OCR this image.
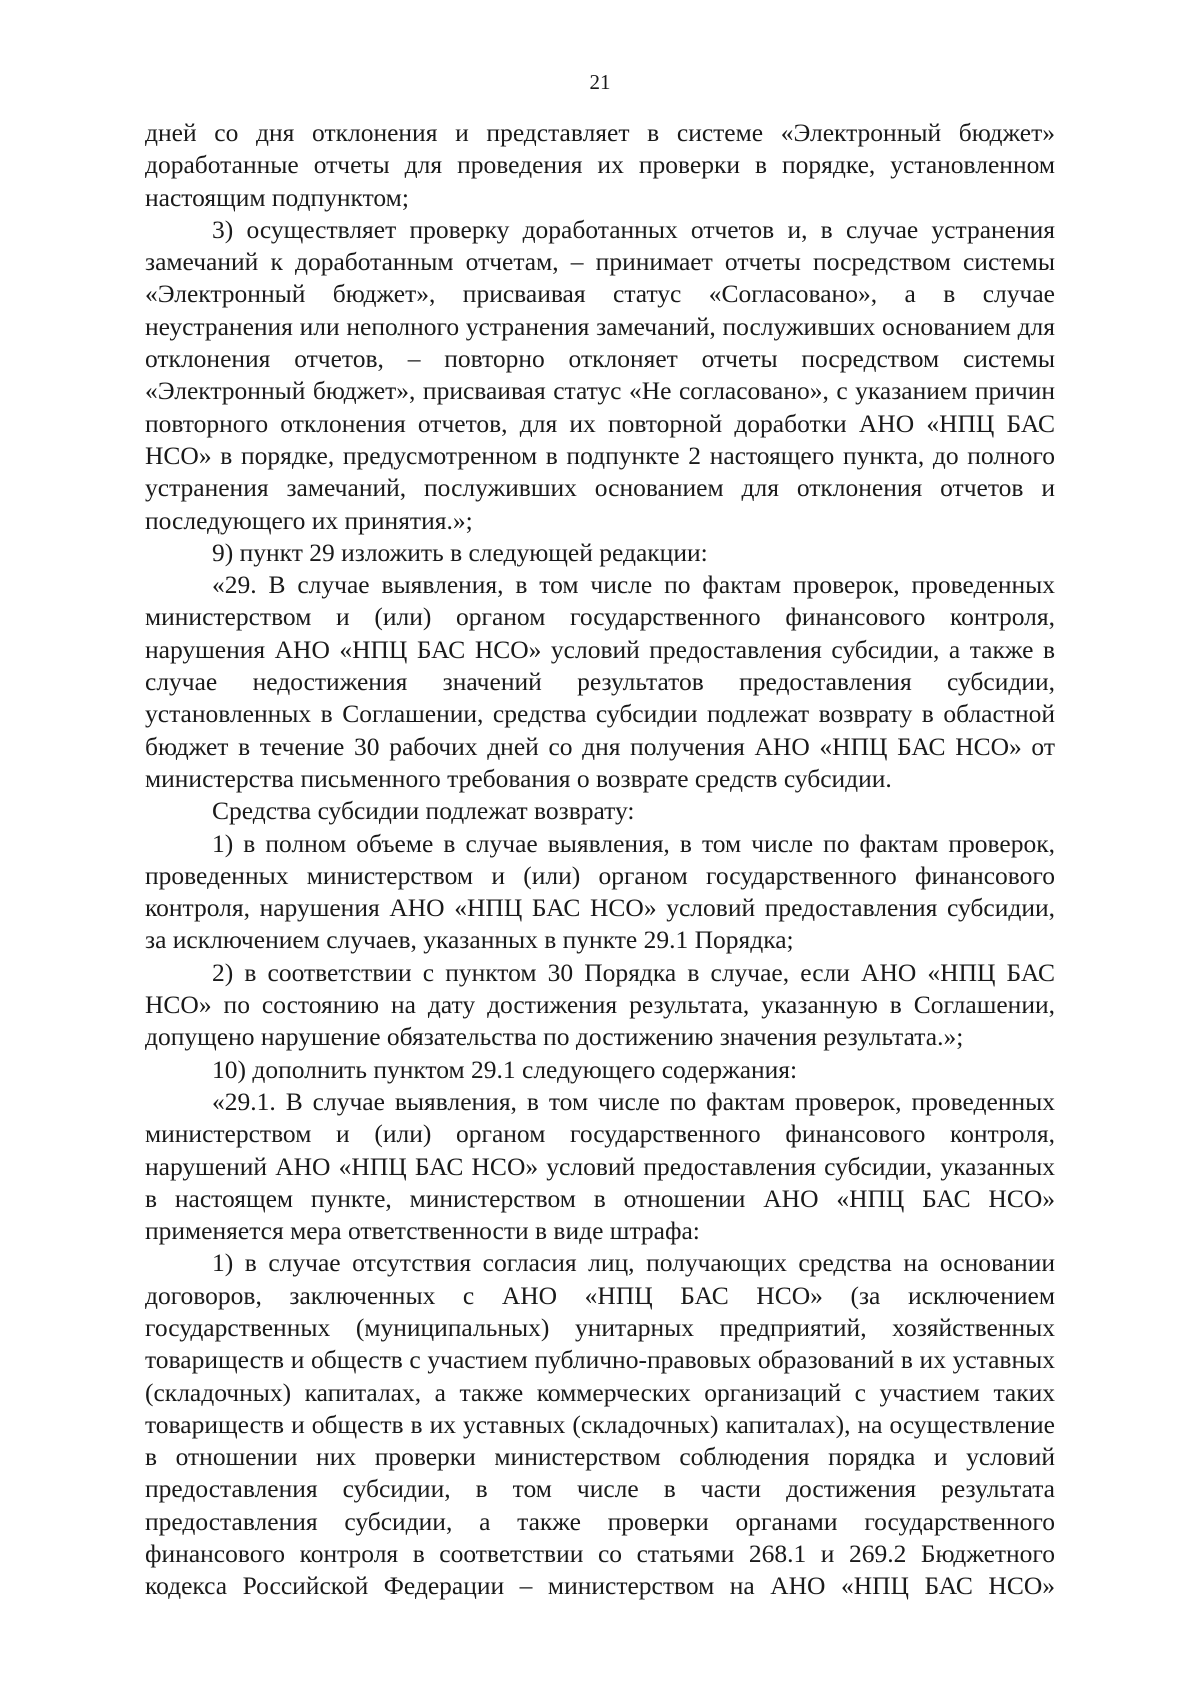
21

дней со дня отклонения и представляет в системе «Электронный бюджет» доработанные отчеты для проведения их проверки в порядке, установленном настоящим подпунктом;

3) осуществляет проверку доработанных отчетов и, в случае устранения замечаний к доработанным отчетам, – принимает отчеты посредством системы «Электронный бюджет», присваивая статус «Согласовано», а в случае неустранения или неполного устранения замечаний, послуживших основанием для отклонения отчетов, – повторно отклоняет отчеты посредством системы «Электронный бюджет», присваивая статус «Не согласовано», с указанием причин повторного отклонения отчетов, для их повторной доработки АНО «НПЦ БАС НСО» в порядке, предусмотренном в подпункте 2 настоящего пункта, до полного устранения замечаний, послуживших основанием для отклонения отчетов и последующего их принятия.»;

9) пункт 29 изложить в следующей редакции:

«29. В случае выявления, в том числе по фактам проверок, проведенных министерством и (или) органом государственного финансового контроля, нарушения АНО «НПЦ БАС НСО» условий предоставления субсидии, а также в случае недостижения значений результатов предоставления субсидии, установленных в Соглашении, средства субсидии подлежат возврату в областной бюджет в течение 30 рабочих дней со дня получения АНО «НПЦ БАС НСО» от министерства письменного требования о возврате средств субсидии.

Средства субсидии подлежат возврату:

1) в полном объеме в случае выявления, в том числе по фактам проверок, проведенных министерством и (или) органом государственного финансового контроля, нарушения АНО «НПЦ БАС НСО» условий предоставления субсидии, за исключением случаев, указанных в пункте 29.1 Порядка;

2) в соответствии с пунктом 30 Порядка в случае, если АНО «НПЦ БАС НСО» по состоянию на дату достижения результата, указанную в Соглашении, допущено нарушение обязательства по достижению значения результата.»;

10) дополнить пунктом 29.1 следующего содержания:

«29.1. В случае выявления, в том числе по фактам проверок, проведенных министерством и (или) органом государственного финансового контроля, нарушений АНО «НПЦ БАС НСО» условий предоставления субсидии, указанных в настоящем пункте, министерством в отношении АНО «НПЦ БАС НСО» применяется мера ответственности в виде штрафа:

1) в случае отсутствия согласия лиц, получающих средства на основании договоров, заключенных с АНО «НПЦ БАС НСО» (за исключением государственных (муниципальных) унитарных предприятий, хозяйственных товариществ и обществ с участием публично-правовых образований в их уставных (складочных) капиталах, а также коммерческих организаций с участием таких товариществ и обществ в их уставных (складочных) капиталах), на осуществление в отношении них проверки министерством соблюдения порядка и условий предоставления субсидии, в том числе в части достижения результата предоставления субсидии, а также проверки органами государственного финансового контроля в соответствии со статьями 268.1 и 269.2 Бюджетного кодекса Российской Федерации – министерством на АНО «НПЦ БАС НСО»
